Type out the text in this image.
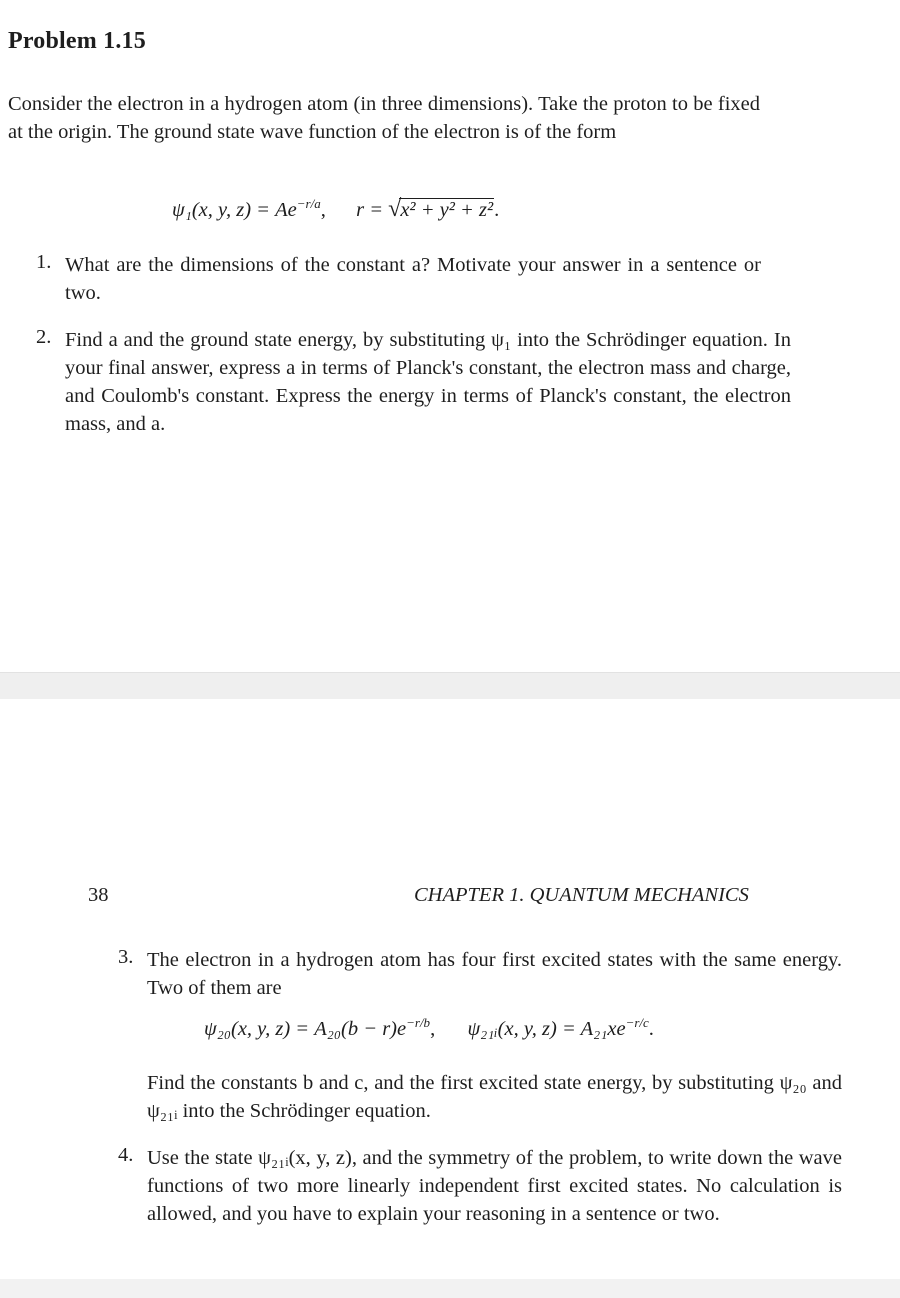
Problem 1.15
Consider the electron in a hydrogen atom (in three dimensions). Take the proton to be fixed at the origin. The ground state wave function of the electron is of the form
ψ₁(x, y, $z) = Ae^{-r/a}$, r = √x² + y² + z².
1. What are the dimensions of the constant a? Motivate your answer in a sentence or two.
2. Find a and the ground state energy, by substituting ψ₁ into the Schrödinger equation. In your final answer, express a in terms of Planck's constant, the electron mass and charge, and Coulomb's constant. Express the energy in terms of Planck's constant, the electron mass, and a.
38	CHAPTER 1. QUANTUM MECHANICS
3. The electron in a hydrogen atom has four first excited states with the same energy. Two of them are
ψ₂₀(x, y, $z) = A_{20}(b - r)e^{-r/b}$, ψ₂₁ᵢ(x, y, $z) = A_{21}xe^{-r/c}$.
Find the constants b and c, and the first excited state energy, by substituting ψ₂₀ and ψ₂₁ᵢ into the Schrödinger equation.
4. Use the state ψ₂₁ᵢ(x, y, z), and the symmetry of the problem, to write down the wave functions of two more linearly independent first excited states. No calculation is allowed, and you have to explain your reasoning in a sentence or two.
